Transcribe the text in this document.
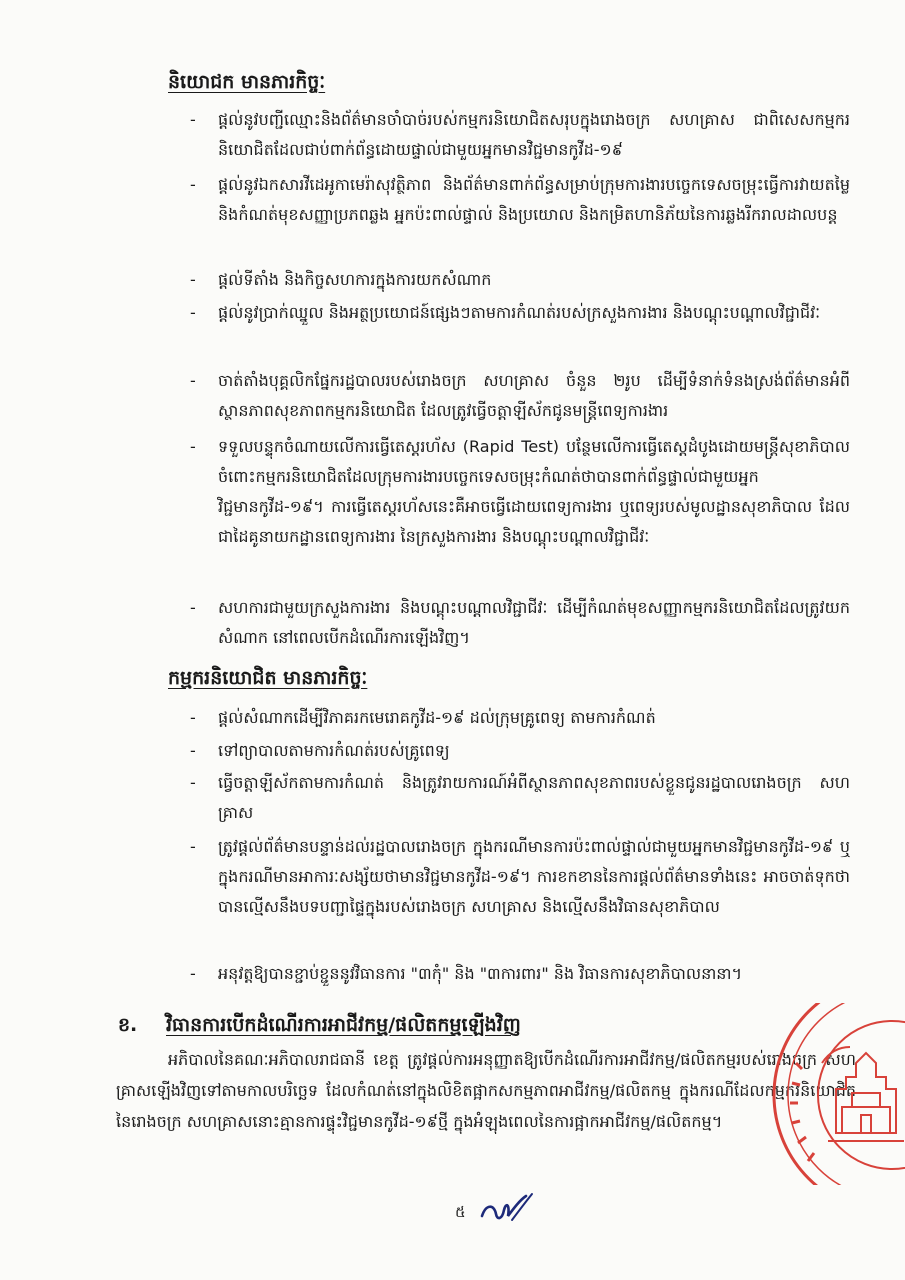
និយោជក មានភារកិច្ចៈ
- ផ្ដល់នូវបញ្ជីឈ្មោះនិងព័ត៌មានចាំបាច់របស់កម្មករនិយោជិតសរុបក្នុងរោងចក្រ សហគ្រាស ជាពិសេសកម្មករនិយោជិតដែលជាប់ពាក់ព័ន្ធដោយផ្ទាល់ជាមួយអ្នកមានវិជ្ជមានកូវីដ-១៩
- ផ្ដល់នូវឯកសារវីដេអូកាមេរ៉ាសុវត្ថិភាព និងព័ត៌មានពាក់ព័ន្ធសម្រាប់ក្រុមការងារបច្ចេកទេសចម្រុះធ្វើការវាយតម្លៃ និងកំណត់មុខសញ្ញាប្រភពឆ្លង អ្នកប៉ះពាល់ផ្ទាល់ និងប្រយោល និងកម្រិតហានិភ័យនៃការឆ្លងរីករាលដាលបន្ត
- ផ្ដល់ទីតាំង និងកិច្ចសហការក្នុងការយកសំណាក
- ផ្ដល់នូវប្រាក់ឈ្នួល និងអត្ថប្រយោជន៍ផ្សេងៗតាមការកំណត់របស់ក្រសួងការងារ និងបណ្ដុះបណ្ដាលវិជ្ជាជីវៈ
- ចាត់តាំងបុគ្គលិកផ្នែករដ្ឋបាលរបស់រោងចក្រ សហគ្រាស ចំនួន ២រូប ដើម្បីទំនាក់ទំនងស្រង់ព័ត៌មានអំពីស្ថានភាពសុខភាពកម្មករនិយោជិត ដែលត្រូវធ្វើចត្តាឡីស័កជូនមន្ត្រីពេទ្យការងារ
- ទទួលបន្ទុកចំណាយលើការធ្វើតេស្ដរហ័ស (Rapid Test) បន្ថែមលើការធ្វើតេស្ដដំបូងដោយមន្ត្រីសុខាភិបាល ចំពោះកម្មករនិយោជិតដែលក្រុមការងារបច្ចេកទេសចម្រុះកំណត់ថាបានពាក់ព័ន្ធផ្ទាល់ជាមួយអ្នកវិជ្ជមានកូវីដ-១៩។ ការធ្វើតេស្ដរហ័សនេះគឺអាចធ្វើដោយពេទ្យការងារ ឬពេទ្យរបស់មូលដ្ឋានសុខាភិបាល ដែលជាដៃគូនាយកដ្ឋានពេទ្យការងារ នៃក្រសួងការងារ និងបណ្ដុះបណ្ដាលវិជ្ជាជីវៈ
- សហការជាមួយក្រសួងការងារ និងបណ្ដុះបណ្ដាលវិជ្ជាជីវៈ ដើម្បីកំណត់មុខសញ្ញាកម្មករនិយោជិតដែលត្រូវយកសំណាក នៅពេលបើកដំណើរការឡើងវិញ។
កម្មករនិយោជិត មានភារកិច្ចៈ
- ផ្ដល់សំណាកដើម្បីវិភាគរកមេរោគកូវីដ-១៩ ដល់ក្រុមគ្រូពេទ្យ តាមការកំណត់
- ទៅព្យាបាលតាមការកំណត់របស់គ្រូពេទ្យ
- ធ្វើចត្តាឡីស័កតាមការកំណត់ និងត្រូវរាយការណ៍អំពីស្ថានភាពសុខភាពរបស់ខ្លួនជូនរដ្ឋបាលរោងចក្រ សហគ្រាស
- ត្រូវផ្ដល់ព័ត៌មានបន្ទាន់ដល់រដ្ឋបាលរោងចក្រ ក្នុងករណីមានការប៉ះពាល់ផ្ទាល់ជាមួយអ្នកមានវិជ្ជមានកូវីដ-១៩ ឬក្នុងករណីមានអាការៈសង្ស័យថាមានវិជ្ជមានកូវីដ-១៩។ ការខកខាននៃការផ្ដល់ព័ត៌មានទាំងនេះ អាចចាត់ទុកថាបានល្មើសនឹងបទបញ្ជាផ្ទៃក្នុងរបស់រោងចក្រ សហគ្រាស និងល្មើសនឹងវិធានសុខាភិបាល
- អនុវត្តឱ្យបានខ្ជាប់ខ្ជួននូវវិធានការ "៣កុំ" និង "៣ការពារ" និង វិធានការសុខាភិបាលនានា។
ខ. វិធានការបើកដំណើរការអាជីវកម្ម/ផលិតកម្មឡើងវិញ
អភិបាលនៃគណៈអភិបាលរាជធានី ខេត្ត ត្រូវផ្ដល់ការអនុញ្ញាតឱ្យបើកដំណើរការអាជីវកម្ម/ផលិតកម្មរបស់រោងចក្រ សហគ្រាសឡើងវិញទៅតាមកាលបរិច្ឆេទ ដែលកំណត់នៅក្នុងលិខិតផ្អាកសកម្មភាពអាជីវកម្ម/ផលិតកម្ម ក្នុងករណីដែលកម្មករនិយោជិតនៃរោងចក្រ សហគ្រាសនោះគ្មានការផ្ទុះវិជ្ជមានកូវីដ-១៩ថ្មី ក្នុងអំឡុងពេលនៃការផ្អាកអាជីវកម្ម/ផលិតកម្ម។
៥
